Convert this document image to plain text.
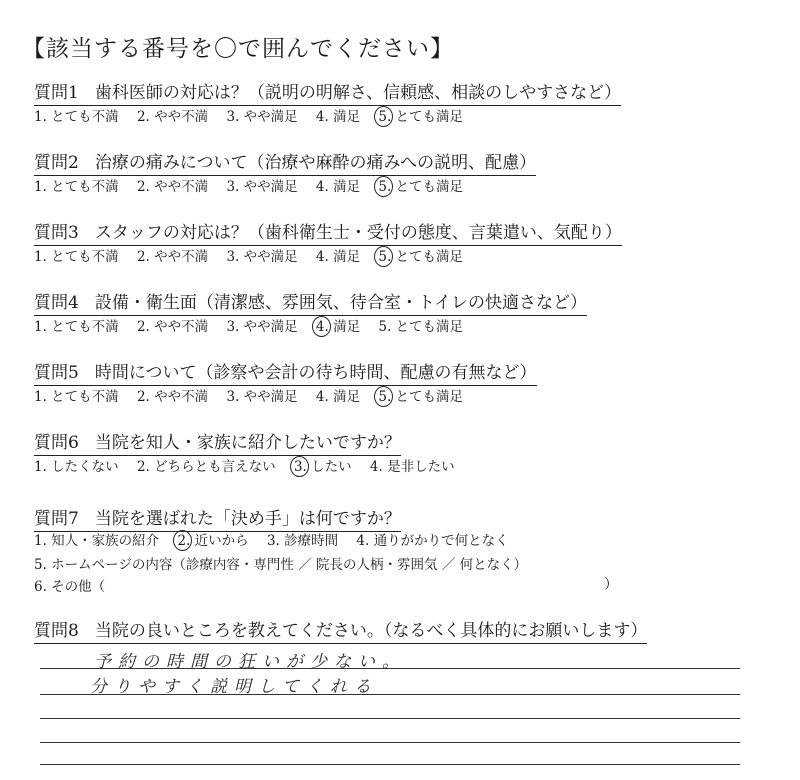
【該当する番号を〇で囲んでください】
質問1 歯科医師の対応は？（説明の明解さ、信頼感、相談のしやすさなど）
1. とても不満 2. やや不満 3. やや満足 4. 満足 5. とても満足
質問2 治療の痛みについて（治療や麻酔の痛みへの説明、配慮）
1. とても不満 2. やや不満 3. やや満足 4. 満足 5. とても満足
質問3 スタッフの対応は？（歯科衛生士・受付の態度、言葉遣い、気配り）
1. とても不満 2. やや不満 3. やや満足 4. 満足 5. とても満足
質問4 設備・衛生面（清潔感、雰囲気、待合室・トイレの快適さなど）
1. とても不満 2. やや不満 3. やや満足 4. 満足 5. とても満足
質問5 時間について（診察や会計の待ち時間、配慮の有無など）
1. とても不満 2. やや不満 3. やや満足 4. 満足 5. とても満足
質問6 当院を知人・家族に紹介したいですか？
1. したくない 2. どちらとも言えない 3. したい 4. 是非したい
質問7 当院を選ばれた「決め手」は何ですか？
1. 知人・家族の紹介 2. 近いから 3. 診療時間 4. 通りがかりで何となく
5. ホームページの内容（診療内容・専門性 ／ 院長の人柄・雰囲気 ／ 何となく）
6. その他（	）
質問8 当院の良いところを教えてください。（なるべく具体的にお願いします）
予約の時間の狂いが少ない。
分りやすく説明してくれる
